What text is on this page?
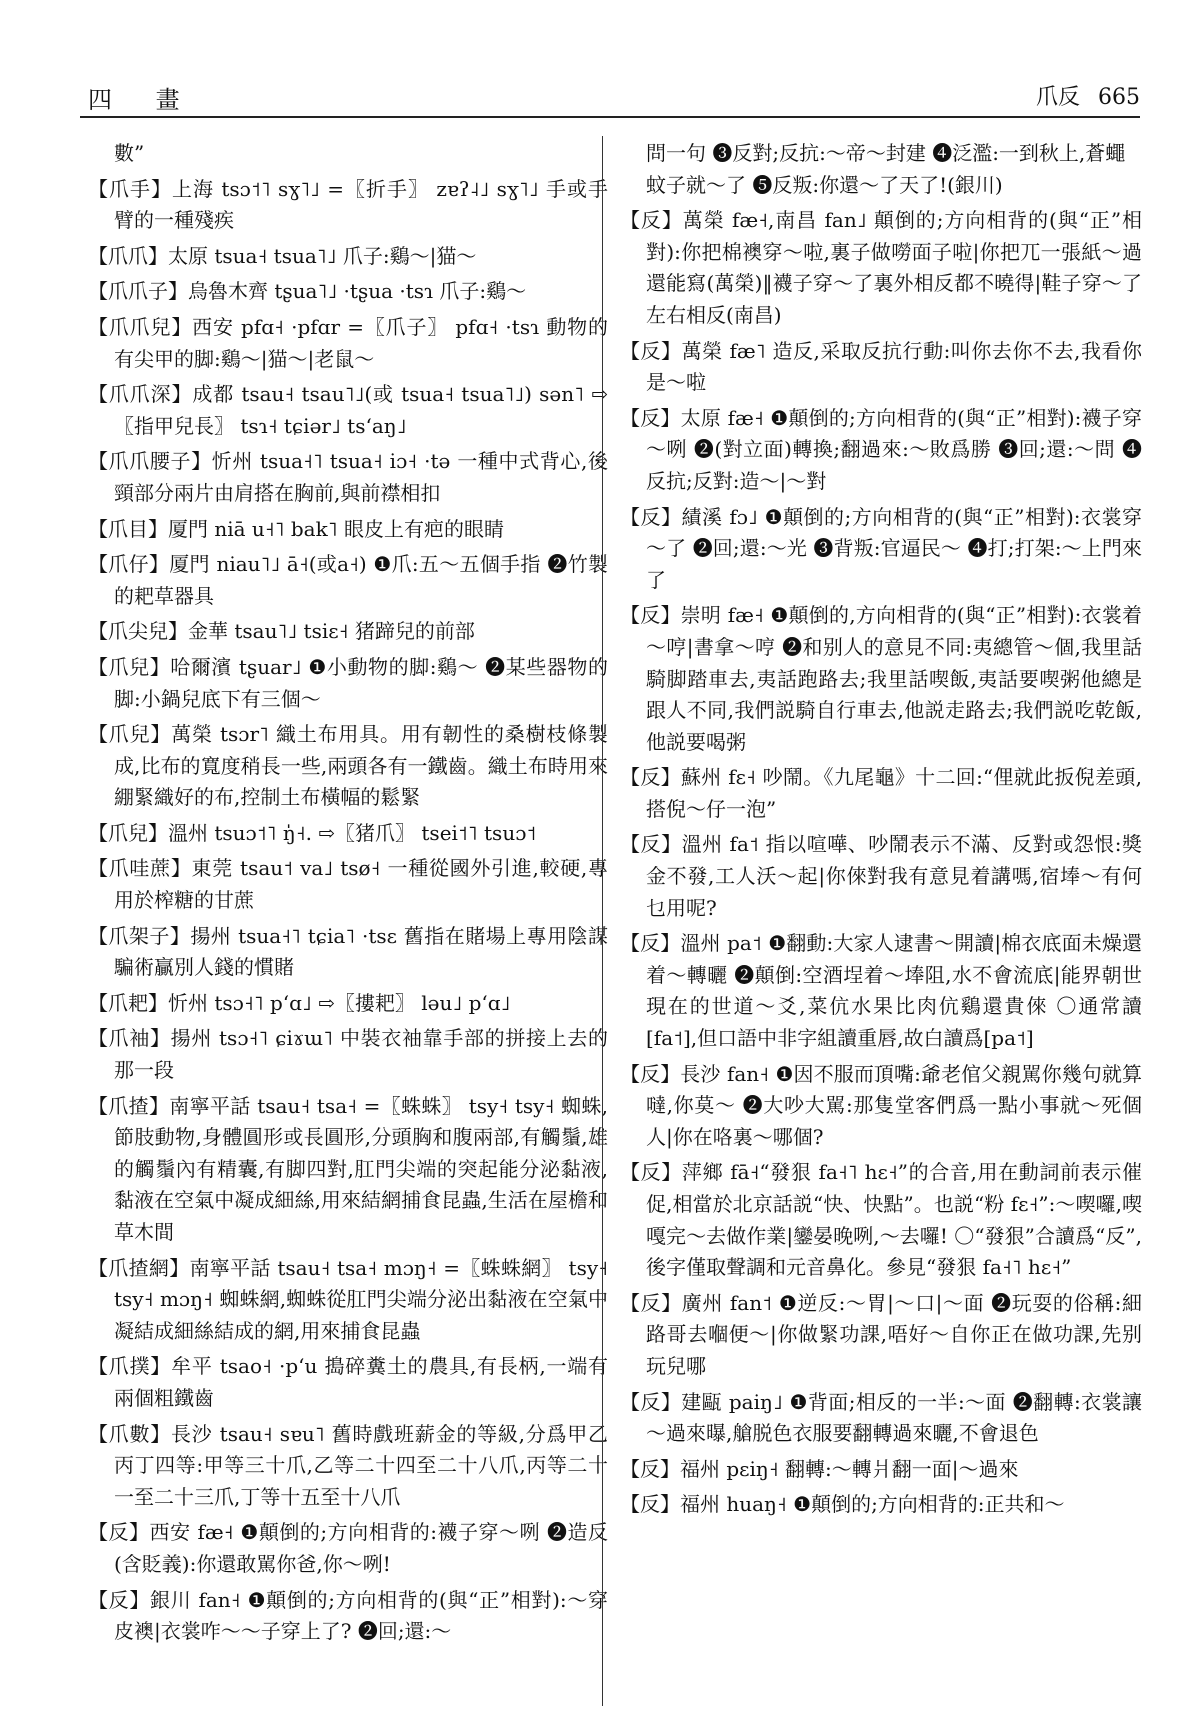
四 畫	爪反 665

數”

【爪手】上海 tsɔ˦˥ sɣ˥˩ =〖折手〗 zɐʔ˨˩ sɣ˥˩ 手或手臂的一種殘疾

【爪爪】太原 tsua˧ tsua˥˩ 爪子:鷄～|猫～

【爪爪子】烏魯木齊 tʂua˥˩ ·tʂua ·tsɿ 爪子:鷄～

【爪爪兒】西安 pfɑ˧ ·pfɑr =〖爪子〗 pfɑ˧ ·tsɿ 動物的有尖甲的脚:鷄～|猫～|老鼠～

【爪爪深】成都 tsau˧ tsau˥˩(或 tsua˧ tsua˥˩) sən˥ ⇨〖指甲兒長〗 tsɿ˧ tɕiər˩ tsʻaŋ˩

【爪爪腰子】忻州 tsua˧˥ tsua˧ iɔ˧ ·tə 一種中式背心,後頸部分兩片由肩搭在胸前,與前襟相扣

【爪目】厦門 niā u˧˥ bak˥ 眼皮上有疤的眼睛

【爪仔】厦門 niau˥˩ ā˧(或a˧) ❶爪:五～五個手指 ❷竹製的耙草器具

【爪尖兒】金華 tsau˥˩ tsiɛ˧ 猪蹄兒的前部

【爪兒】哈爾濱 tʂuar˩ ❶小動物的脚:鷄～ ❷某些器物的脚:小鍋兒底下有三個～

【爪兒】萬榮 tsɔr˥ 織土布用具。用有韌性的桑樹枝條製成,比布的寬度稍長一些,兩頭各有一鐵齒。織土布時用來綳緊織好的布,控制土布橫幅的鬆緊

【爪兒】溫州 tsuɔ˦˥ ŋ̍˧. ⇨〖猪爪〗 tsei˦˥ tsuɔ˦

【爪哇蔗】東莞 tsau˦ va˩ tsø˧ 一種從國外引進,較硬,專用於榨糖的甘蔗

【爪架子】揚州 tsua˧˥ tɕia˥ ·tsɛ 舊指在賭場上專用陰謀騙術贏別人錢的慣賭

【爪耙】忻州 tsɔ˧˥ pʻɑ˩ ⇨〖摟耙〗 ləu˩ pʻɑ˩

【爪袖】揚州 tsɔ˧˥ ɕiɤɯ˥ 中裝衣袖靠手部的拼接上去的那一段

【爪揸】南寧平話 tsau˧ tsa˧ =〖蛛蛛〗 tsy˧ tsy˧ 蜘蛛,節肢動物,身體圓形或長圓形,分頭胸和腹兩部,有觸鬚,雄的觸鬚內有精囊,有脚四對,肛門尖端的突起能分泌黏液,黏液在空氣中凝成細絲,用來結網捕食昆蟲,生活在屋檐和草木間

【爪揸網】南寧平話 tsau˧ tsa˧ mɔŋ˧ =〖蛛蛛網〗 tsy˧ tsy˧ mɔŋ˧ 蜘蛛網,蜘蛛從肛門尖端分泌出黏液在空氣中凝結成細絲結成的網,用來捕食昆蟲

【爪撲】牟平 tsao˧ ·pʻu 搗碎糞土的農具,有長柄,一端有兩個粗鐵齒

【爪數】長沙 tsau˧ sɐu˥ 舊時戲班薪金的等級,分爲甲乙丙丁四等:甲等三十爪,乙等二十四至二十八爪,丙等二十一至二十三爪,丁等十五至十八爪

【反】西安 fæ˧ ❶顛倒的;方向相背的:襪子穿～咧 ❷造反(含貶義):你還敢駡你爸,你～咧!

【反】銀川 fan˧ ❶顛倒的;方向相背的(與“正”相對):～穿皮襖|衣裳咋～～子穿上了? ❷回;還:～

問一句 ❸反對;反抗:～帝～封建 ❹泛濫:一到秋上,蒼蠅蚊子就～了 ❺反叛:你還～了天了!(銀川)

【反】萬榮 fæ˧,南昌 fan˩ 顛倒的;方向相背的(與“正”相對):你把棉襖穿～啦,裏子做嘮面子啦|你把兀一張紙～過還能寫(萬榮)‖襪子穿～了裏外相反都不曉得|鞋子穿～了左右相反(南昌)

【反】萬榮 fæ˥ 造反,采取反抗行動:叫你去你不去,我看你是～啦

【反】太原 fæ˧ ❶顛倒的;方向相背的(與“正”相對):襪子穿～咧 ❷(對立面)轉換;翻過來:～敗爲勝 ❸回;還:～問 ❹反抗;反對:造～|～對

【反】績溪 fɔ˩ ❶顛倒的;方向相背的(與“正”相對):衣裳穿～了 ❷回;還:～光 ❸背叛:官逼民～ ❹打;打架:～上門來了

【反】崇明 fæ˧ ❶顛倒的,方向相背的(與“正”相對):衣裳着～哼|書拿～哼 ❷和别人的意見不同:夷總管～個,我里話騎脚踏車去,夷話跑路去;我里話喫飯,夷話要喫粥他總是跟人不同,我們説騎自行車去,他説走路去;我們説吃乾飯,他説要喝粥

【反】蘇州 fɛ˧ 吵鬧。《九尾龜》十二回:“俚就此扳倪差頭,搭倪～仔一泡”

【反】溫州 fa˦ 指以喧嘩、吵鬧表示不滿、反對或怨恨:獎金不發,工人沃～起|你倈對我有意見着講嗎,宿埲～有何乜用呢?

【反】溫州 pa˦ ❶翻動:大家人逮書～開讀|棉衣底面未燥還着～轉曬 ❷顛倒:空酒埕着～埲阻,水不會流底|能界朝世現在的世道～爻,菜伉水果比肉伉鷄還貴倈 〇通常讀[fa˦],但口語中非字組讀重唇,故白讀爲[pa˦]

【反】長沙 fan˧ ❶因不服而頂嘴:爺老倌父親駡你幾句就算噠,你莫～ ❷大吵大駡:那隻堂客們爲一點小事就～死個人|你在咯裏～哪個?

【反】萍鄉 fā˧“發狠 fa˧˥ hɛ˧”的合音,用在動詞前表示催促,相當於北京話説“快、快點”。也説“粉 fɛ˧”:～喫囉,喫嘎完～去做作業|鑾晏晚咧,～去囉! 〇“發狠”合讀爲“反”,後字僅取聲調和元音鼻化。參見“發狠 fa˧˥ hɛ˧”

【反】廣州 fan˦ ❶逆反:～胃|～口|～面 ❷玩耍的俗稱:細路哥去嗰便～|你做緊功課,唔好～自你正在做功課,先别玩兒哪

【反】建甌 paiŋ˩ ❶背面;相反的一半:～面 ❷翻轉:衣裳讓～過來曝,艙脱色衣服要翻轉過來曬,不會退色

【反】福州 pɛiŋ˧ 翻轉:～轉爿翻一面|～過來

【反】福州 huaŋ˧ ❶顛倒的;方向相背的:正共和～
